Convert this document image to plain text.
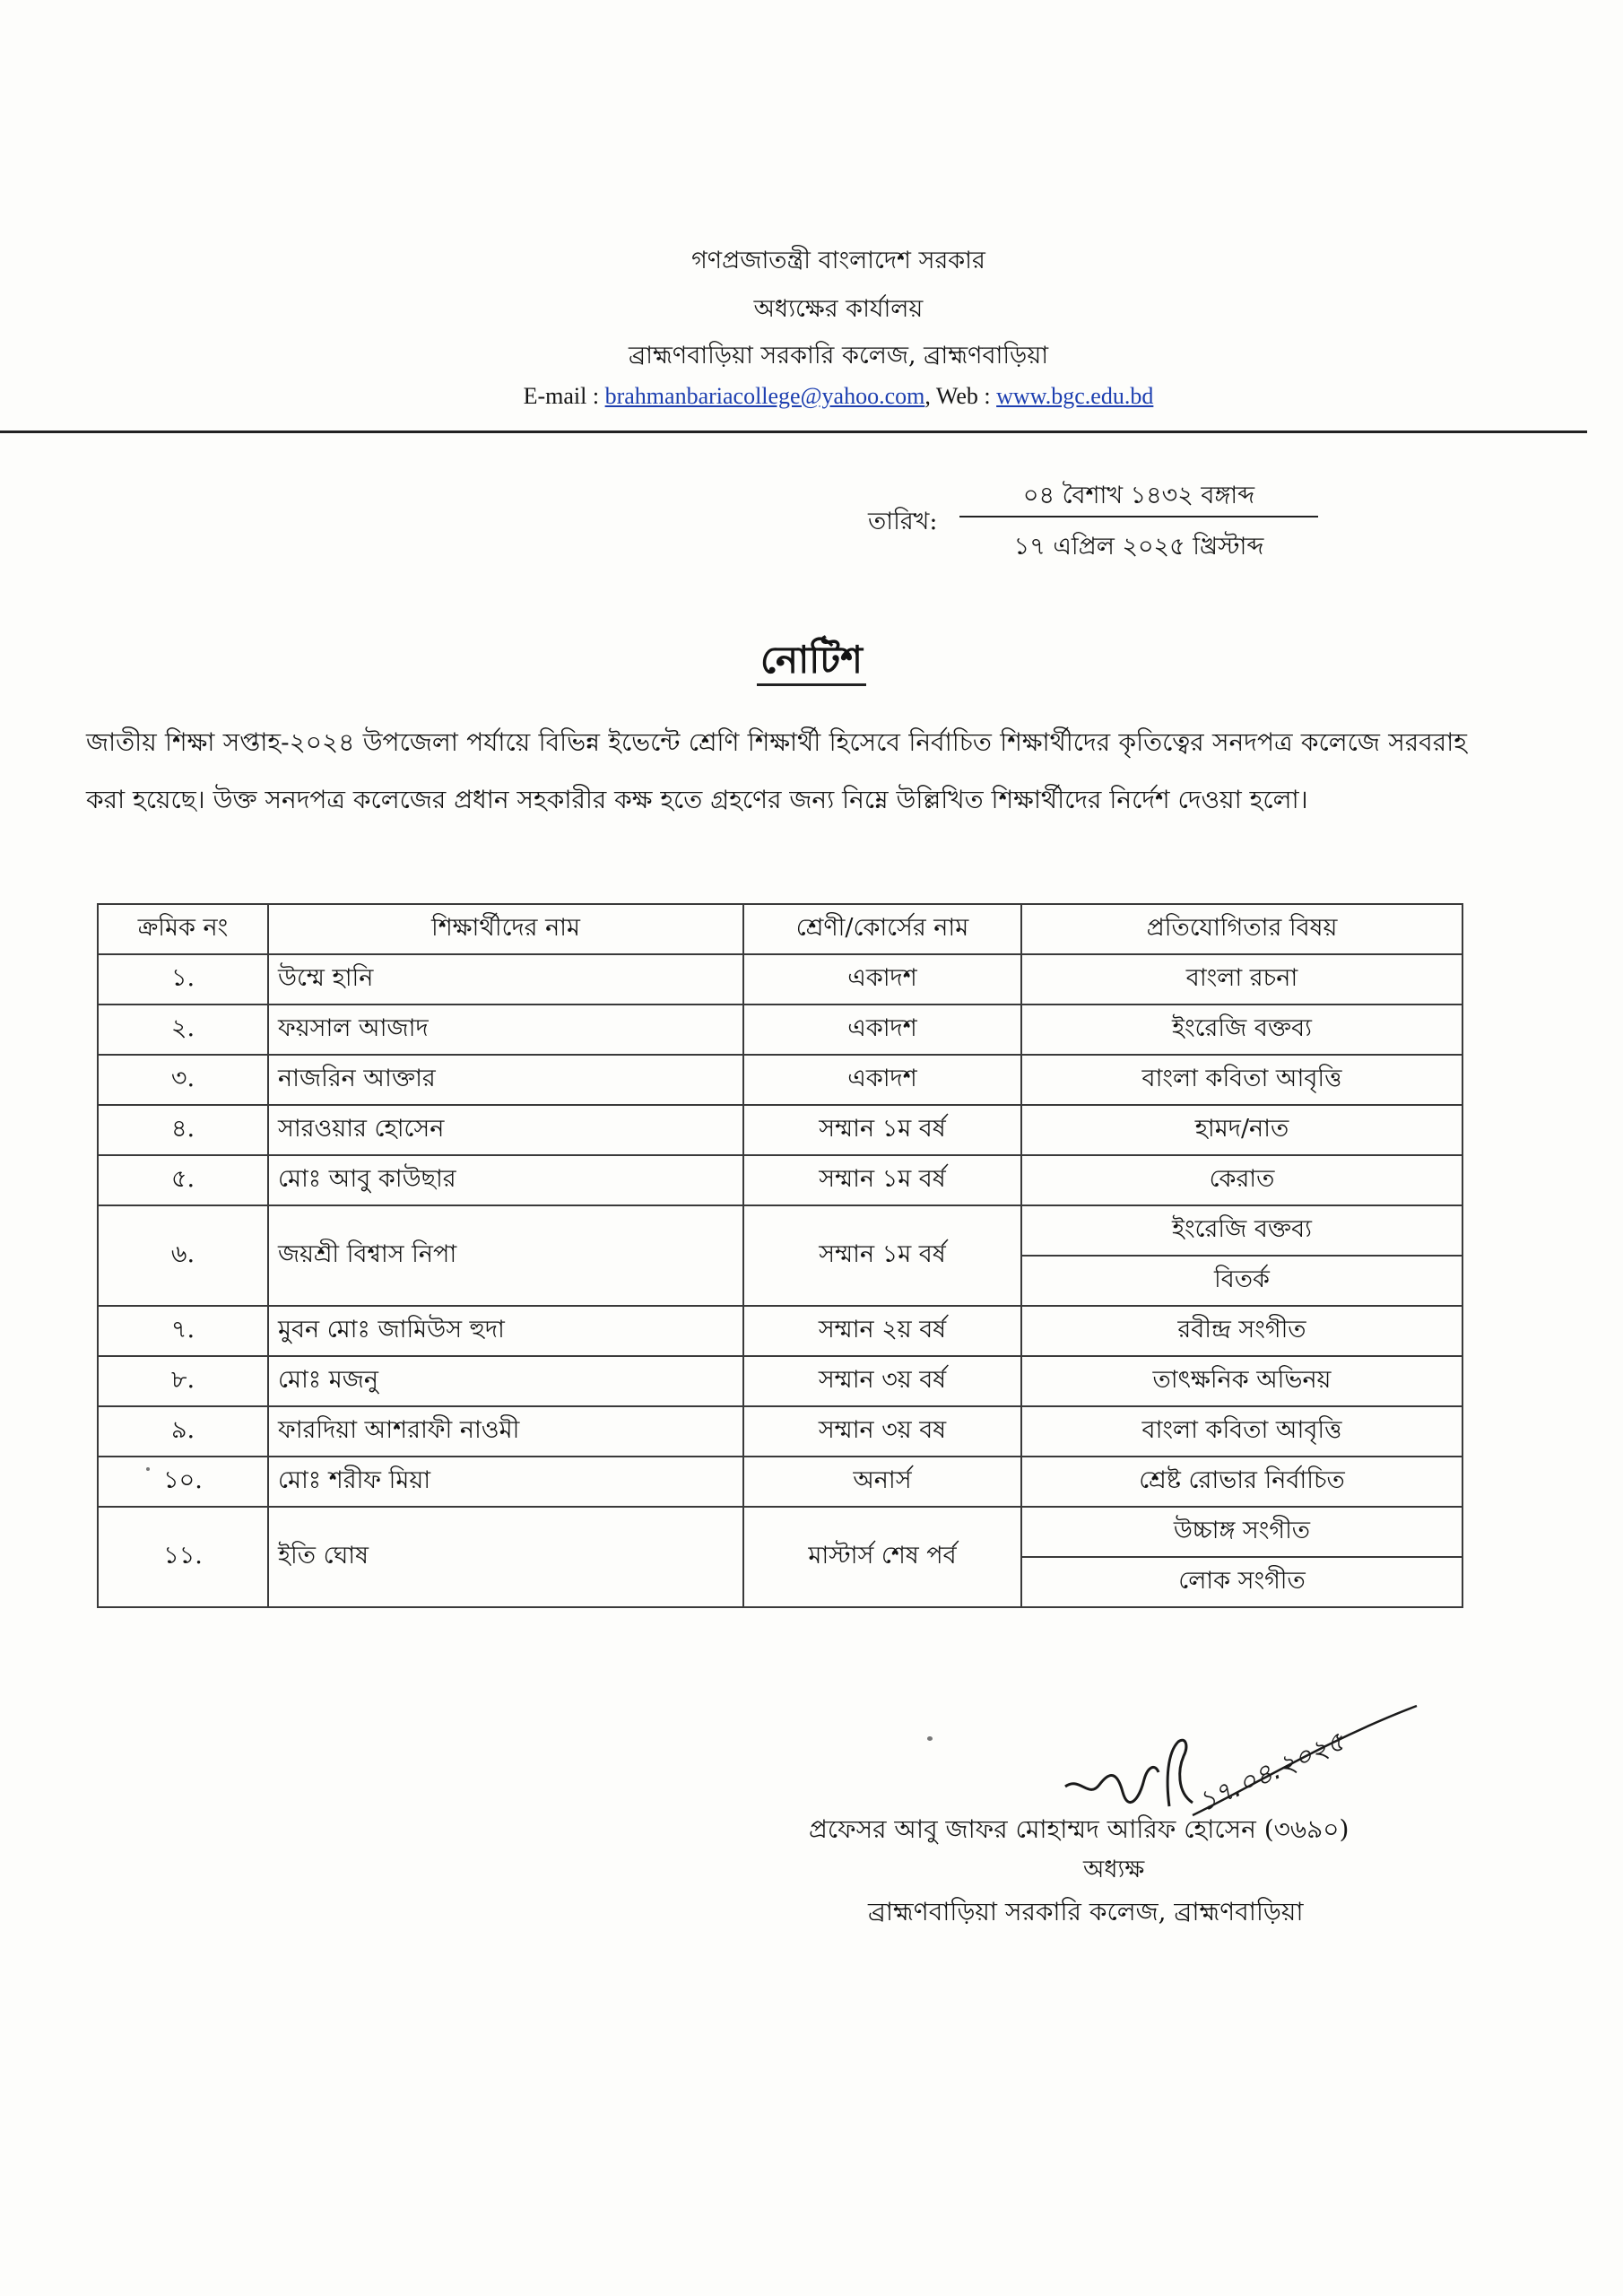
গণপ্রজাতন্ত্রী বাংলাদেশ সরকার
অধ্যক্ষের কার্যালয়
ব্রাহ্মণবাড়িয়া সরকারি কলেজ, ব্রাহ্মণবাড়িয়া
E-mail : brahmanbariacollege@yahoo.com, Web : www.bgc.edu.bd
তারিখ:
০৪ বৈশাখ ১৪৩২ বঙ্গাব্দ
১৭ এপ্রিল ২০২৫ খ্রিস্টাব্দ
নোটিশ
জাতীয় শিক্ষা সপ্তাহ-২০২৪ উপজেলা পর্যায়ে বিভিন্ন ইভেন্টে শ্রেণি শিক্ষার্থী হিসেবে নির্বাচিত শিক্ষার্থীদের কৃতিত্বের সনদপত্র কলেজে সরবরাহ করা হয়েছে। উক্ত সনদপত্র কলেজের প্রধান সহকারীর কক্ষ হতে গ্রহণের জন্য নিম্নে উল্লিখিত শিক্ষার্থীদের নির্দেশ দেওয়া হলো।
ক্রমিক নং	শিক্ষার্থীদের নাম	শ্রেণী/কোর্সের নাম	প্রতিযোগিতার বিষয়
১.	উম্মে হানি	একাদশ	বাংলা রচনা
২.	ফয়সাল আজাদ	একাদশ	ইংরেজি বক্তব্য
৩.	নাজরিন আক্তার	একাদশ	বাংলা কবিতা আবৃত্তি
৪.	সারওয়ার হোসেন	সম্মান ১ম বর্ষ	হামদ/নাত
৫.	মোঃ আবু কাউছার	সম্মান ১ম বর্ষ	কেরাত
৬.	জয়শ্রী বিশ্বাস নিপা	সম্মান ১ম বর্ষ	ইংরেজি বক্তব্য
			বিতর্ক
৭.	মুবন মোঃ জামিউস হুদা	সম্মান ২য় বর্ষ	রবীন্দ্র সংগীত
৮.	মোঃ মজনু	সম্মান ৩য় বর্ষ	তাৎক্ষনিক অভিনয়
৯.	ফারদিয়া আশরাফী নাওমী	সম্মান ৩য় বষ	বাংলা কবিতা আবৃত্তি
১০.	মোঃ শরীফ মিয়া	অনার্স	শ্রেষ্ট রোভার নির্বাচিত
১১.	ইতি ঘোষ	মাস্টার্স শেষ পর্ব	উচ্চাঙ্গ সংগীত
			লোক সংগীত
১৭.০৪.২০২৫
প্রফেসর আবু জাফর মোহাম্মদ আরিফ হোসেন (৩৬৯০)
অধ্যক্ষ
ব্রাহ্মণবাড়িয়া সরকারি কলেজ, ব্রাহ্মণবাড়িয়া
